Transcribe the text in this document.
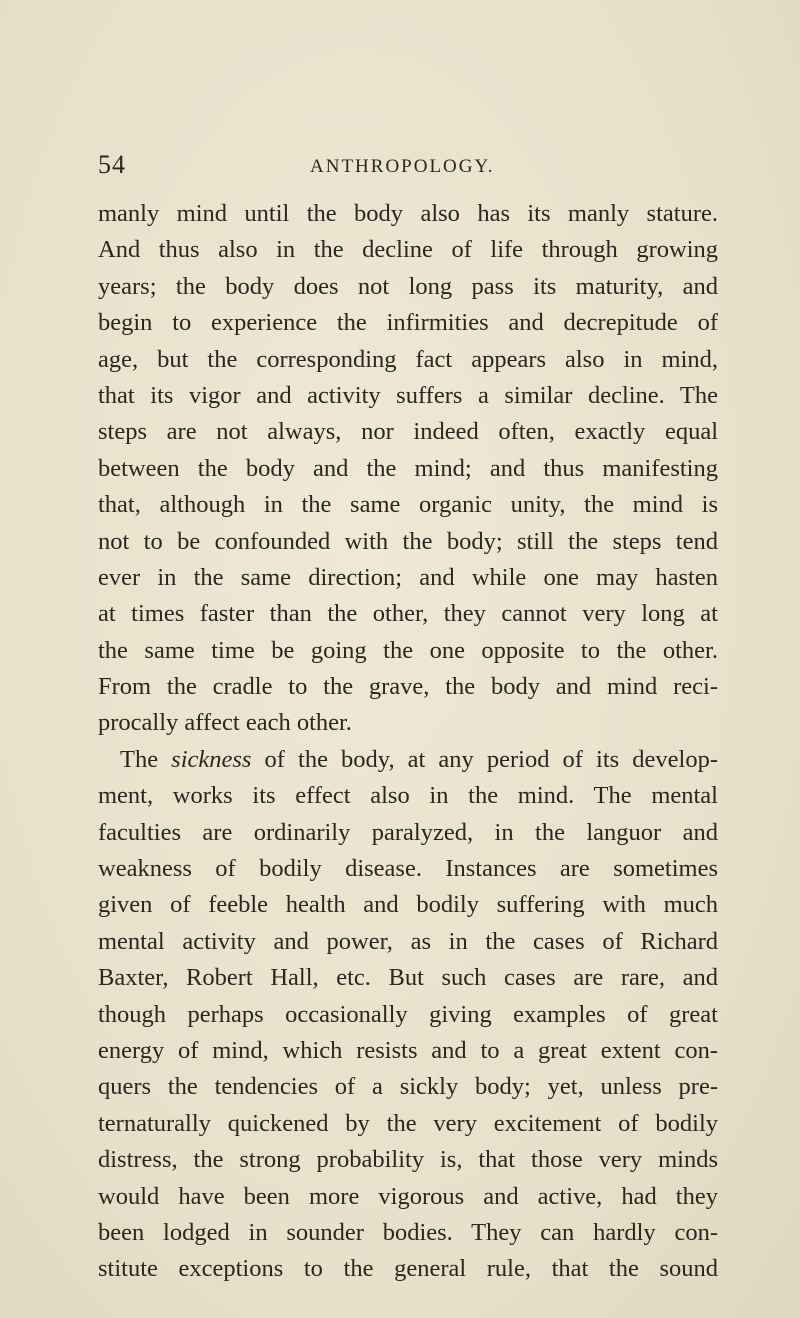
54	ANTHROPOLOGY.
manly mind until the body also has its manly stature.
And thus also in the decline of life through growing
years; the body does not long pass its maturity, and
begin to experience the infirmities and decrepitude of
age, but the corresponding fact appears also in mind,
that its vigor and activity suffers a similar decline. The
steps are not always, nor indeed often, exactly equal
between the body and the mind; and thus manifesting
that, although in the same organic unity, the mind is
not to be confounded with the body; still the steps tend
ever in the same direction; and while one may hasten
at times faster than the other, they cannot very long at
the same time be going the one opposite to the other.
From the cradle to the grave, the body and mind reci-
procally affect each other.
The sickness of the body, at any period of its develop-
ment, works its effect also in the mind. The mental
faculties are ordinarily paralyzed, in the languor and
weakness of bodily disease. Instances are sometimes
given of feeble health and bodily suffering with much
mental activity and power, as in the cases of Richard
Baxter, Robert Hall, etc. But such cases are rare, and
though perhaps occasionally giving examples of great
energy of mind, which resists and to a great extent con-
quers the tendencies of a sickly body; yet, unless pre-
ternaturally quickened by the very excitement of bodily
distress, the strong probability is, that those very minds
would have been more vigorous and active, had they
been lodged in sounder bodies. They can hardly con-
stitute exceptions to the general rule, that the sound
